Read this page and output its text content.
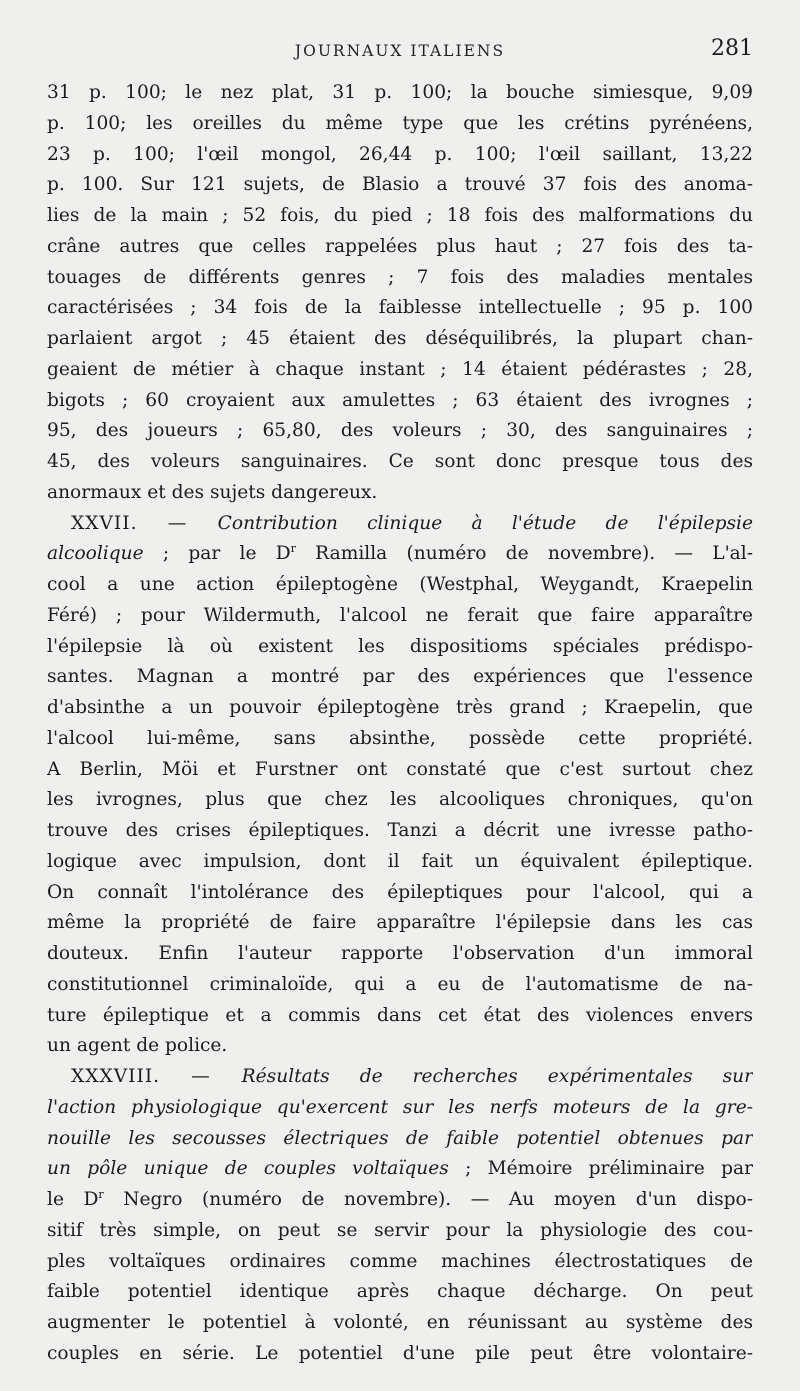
JOURNAUX ITALIENS	281
31 p. 100; le nez plat, 31 p. 100; la bouche simiesque, 9,09
p. 100; les oreilles du même type que les crétins pyrénéens,
23 p. 100; l'œil mongol, 26,44 p. 100; l'œil saillant, 13,22
p. 100. Sur 121 sujets, de Blasio a trouvé 37 fois des anoma-
lies de la main ; 52 fois, du pied ; 18 fois des malformations du
crâne autres que celles rappelées plus haut ; 27 fois des ta-
touages de différents genres ; 7 fois des maladies mentales
caractérisées ; 34 fois de la faiblesse intellectuelle ; 95 p. 100
parlaient argot ; 45 étaient des déséquilibrés, la plupart chan-
geaient de métier à chaque instant ; 14 étaient pédérastes ; 28,
bigots ; 60 croyaient aux amulettes ; 63 étaient des ivrognes ;
95, des joueurs ; 65,80, des voleurs ; 30, des sanguinaires ;
45, des voleurs sanguinaires. Ce sont donc presque tous des
anormaux et des sujets dangereux.
XXVII. — Contribution clinique à l'étude de l'épilepsie
alcoolique ; par le $D^r$ Ramilla (numéro de novembre). — L'al-
cool a une action épileptogène (Westphal, Weygandt, Kraepelin
Féré) ; pour Wildermuth, l'alcool ne ferait que faire apparaître
l'épilepsie là où existent les dispositioms spéciales prédispo-
santes. Magnan a montré par des expériences que l'essence
d'absinthe a un pouvoir épileptogène très grand ; Kraepelin, que
l'alcool lui-même, sans absinthe, possède cette propriété.
A Berlin, Möi et Furstner ont constaté que c'est surtout chez
les ivrognes, plus que chez les alcooliques chroniques, qu'on
trouve des crises épileptiques. Tanzi a décrit une ivresse patho-
logique avec impulsion, dont il fait un équivalent épileptique.
On connaît l'intolérance des épileptiques pour l'alcool, qui a
même la propriété de faire apparaître l'épilepsie dans les cas
douteux. Enfin l'auteur rapporte l'observation d'un immoral
constitutionnel criminaloïde, qui a eu de l'automatisme de na-
ture épileptique et a commis dans cet état des violences envers
un agent de police.
XXXVIII. — Résultats de recherches expérimentales sur
l'action physiologique qu'exercent sur les nerfs moteurs de la gre-
nouille les secousses électriques de faible potentiel obtenues par
un pôle unique de couples voltaïques ; Mémoire préliminaire par
le $D^r$ Negro (numéro de novembre). — Au moyen d'un dispo-
sitif très simple, on peut se servir pour la physiologie des cou-
ples voltaïques ordinaires comme machines électrostatiques de
faible potentiel identique après chaque décharge. On peut
augmenter le potentiel à volonté, en réunissant au système des
couples en série. Le potentiel d'une pile peut être volontaire-
